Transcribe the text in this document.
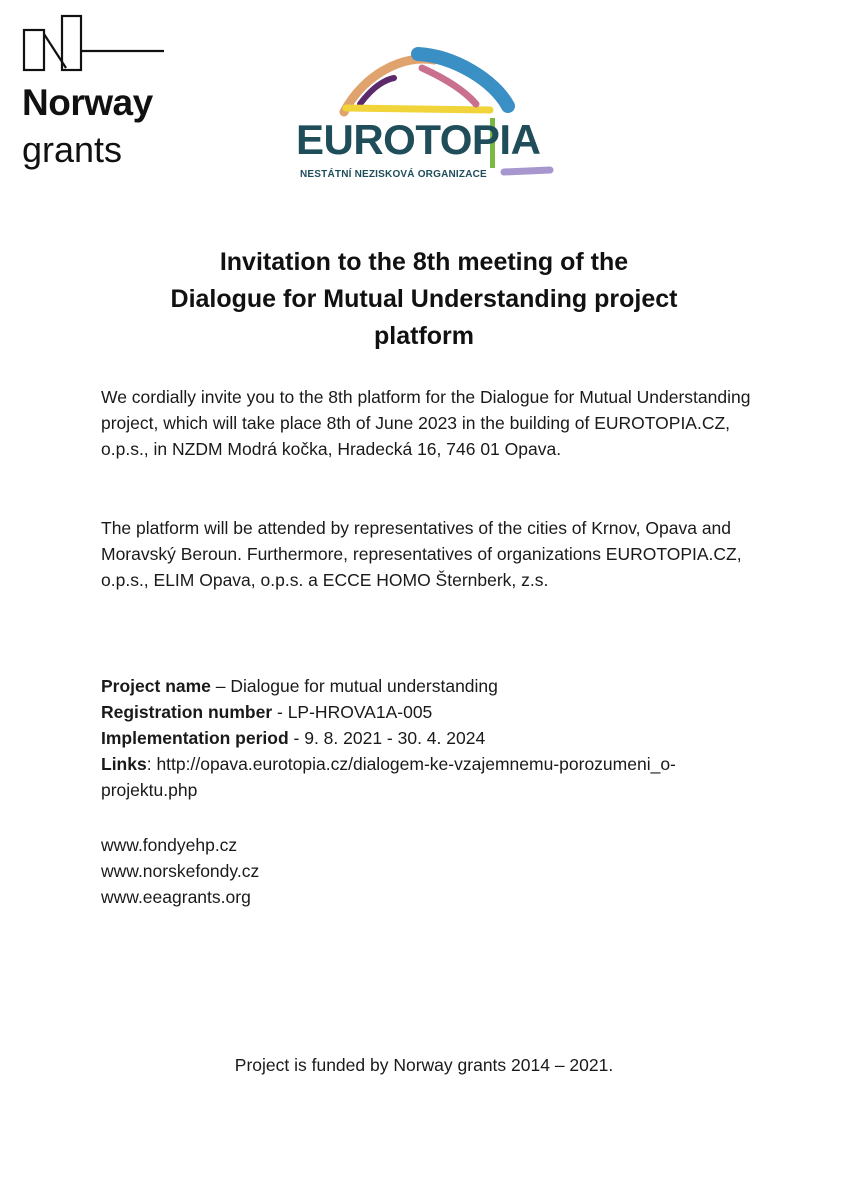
Norway
grants	EUROTOPIA
NESTÁTNÍ NEZISKOVÁ ORGANIZACE
Invitation to the 8th meeting of the
Dialogue for Mutual Understanding project
platform
We cordially invite you to the 8th platform for the Dialogue for Mutual Understanding project, which will take place 8th of June 2023 in the building of EUROTOPIA.CZ, o.p.s., in NZDM Modrá kočka, Hradecká 16, 746 01 Opava.
The platform will be attended by representatives of the cities of Krnov, Opava and Moravský Beroun. Furthermore, representatives of organizations EUROTOPIA.CZ, o.p.s., ELIM Opava, o.p.s. a ECCE HOMO Šternberk, z.s.
Project name – Dialogue for mutual understanding
Registration number - LP-HROVA1A-005
Implementation period - 9. 8. 2021 - 30. 4. 2024
Links: http://opava.eurotopia.cz/dialogem-ke-vzajemnemu-porozumeni_o-projektu.php
www.fondyehp.cz
www.norskefondy.cz
www.eeagrants.org
Project is funded by Norway grants 2014 – 2021.
